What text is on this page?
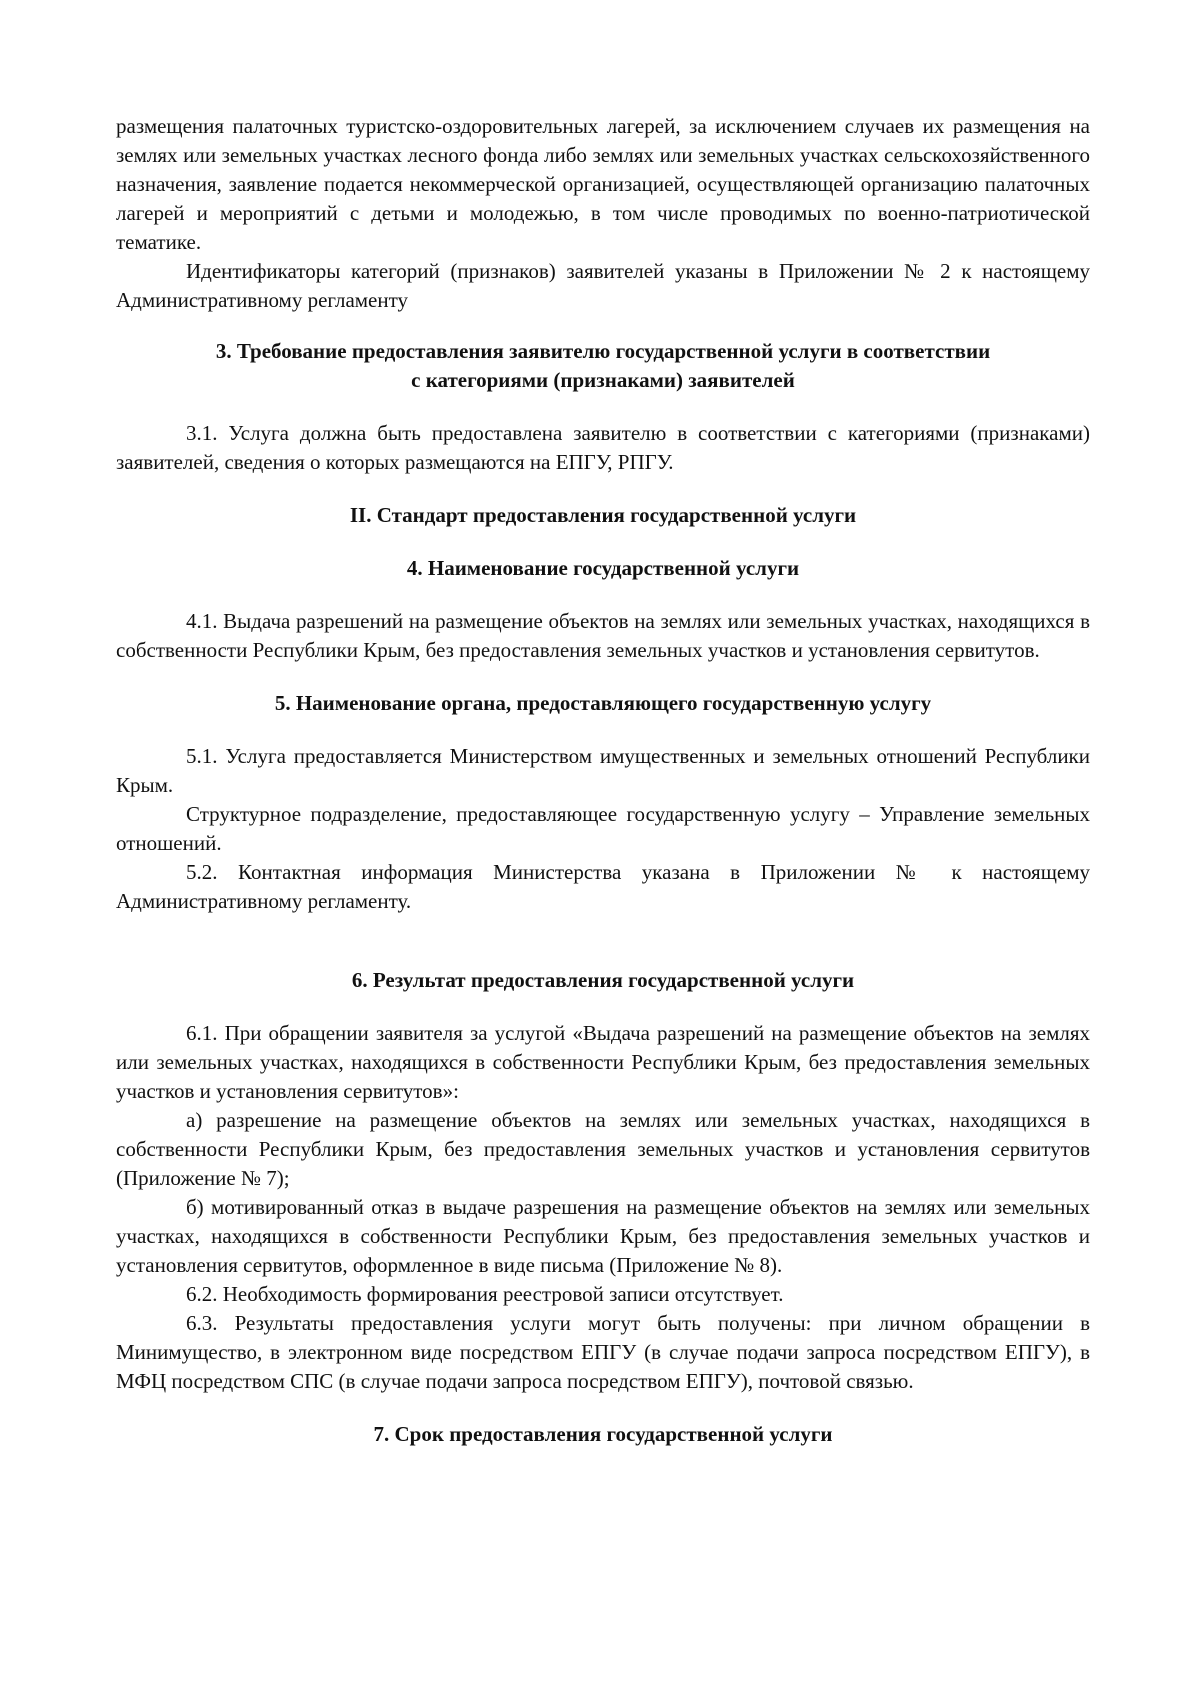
размещения палаточных туристско-оздоровительных лагерей, за исключением случаев их размещения на землях или земельных участках лесного фонда либо землях или земельных участках сельскохозяйственного назначения, заявление подается некоммерческой организацией, осуществляющей организацию палаточных лагерей и мероприятий с детьми и молодежью, в том числе проводимых по военно-патриотической тематике.

Идентификаторы категорий (признаков) заявителей указаны в Приложении № 2 к настоящему Административному регламенту

3. Требование предоставления заявителю государственной услуги в соответствии
с категориями (признаками) заявителей

3.1. Услуга должна быть предоставлена заявителю в соответствии с категориями (признаками) заявителей, сведения о которых размещаются на ЕПГУ, РПГУ.

II. Стандарт предоставления государственной услуги
4. Наименование государственной услуги

4.1. Выдача разрешений на размещение объектов на землях или земельных участках, находящихся в собственности Республики Крым, без предоставления земельных участков и установления сервитутов.

5. Наименование органа, предоставляющего государственную услугу

5.1. Услуга предоставляется Министерством имущественных и земельных отношений Республики Крым.

Структурное подразделение, предоставляющее государственную услугу – Управление земельных отношений.

5.2. Контактная информация Министерства указана в Приложении № к настоящему Административному регламенту.

6. Результат предоставления государственной услуги

6.1. При обращении заявителя за услугой «Выдача разрешений на размещение объектов на землях или земельных участках, находящихся в собственности Республики Крым, без предоставления земельных участков и установления сервитутов»:

а) разрешение на размещение объектов на землях или земельных участках, находящихся в собственности Республики Крым, без предоставления земельных участков и установления сервитутов (Приложение № 7);

б) мотивированный отказ в выдаче разрешения на размещение объектов на землях или земельных участках, находящихся в собственности Республики Крым, без предоставления земельных участков и установления сервитутов, оформленное в виде письма (Приложение № 8).

6.2. Необходимость формирования реестровой записи отсутствует.

6.3. Результаты предоставления услуги могут быть получены: при личном обращении в Минимущество, в электронном виде посредством ЕПГУ (в случае подачи запроса посредством ЕПГУ), в МФЦ посредством СПС (в случае подачи запроса посредством ЕПГУ), почтовой связью.

7. Срок предоставления государственной услуги
